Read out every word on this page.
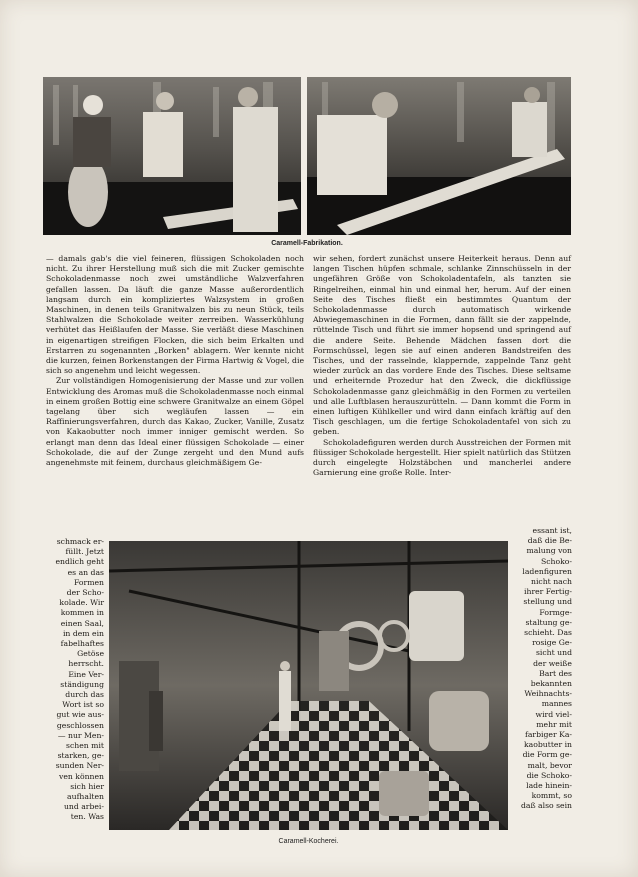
Caramell-Fabrikation.

— damals gab's die viel feineren, flüssigen Schokoladen noch nicht. Zu ihrer Herstellung muß sich die mit Zucker gemischte Schokoladenmasse noch zwei umständliche Walzverfahren gefallen lassen. Da läuft die ganze Masse außerordentlich langsam durch ein kompliziertes Walzsystem in großen Maschinen, in denen teils Granitwalzen bis zu neun Stück, teils Stahlwalzen die Schokolade weiter zerreiben. Wasserkühlung verhütet das Heißlaufen der Masse. Sie verläßt diese Maschinen in eigenartigen streifigen Flocken, die sich beim Erkalten und Erstarren zu sogenannten „Borken" ablagern. Wer kennte nicht die kurzen, feinen Borkenstangen der Firma Hartwig & Vogel, die sich so angenehm und leicht wegessen.

Zur vollständigen Homogenisierung der Masse und zur vollen Entwicklung des Aromas muß die Schokoladenmasse noch einmal in einem großen Bottig eine schwere Granitwalze an einem Göpel tagelang über sich wegläufen lassen — ein Raffinierungsverfahren, durch das Kakao, Zucker, Vanille, Zusatz von Kakaobutter noch immer inniger gemischt werden. So erlangt man denn das Ideal einer flüssigen Schokolade — einer Schokolade, die auf der Zunge zergeht und den Mund aufs angenehmste mit feinem, durchaus gleichmäßigem Ge-

wir sehen, fordert zunächst unsere Heiterkeit heraus. Denn auf langen Tischen hüpfen schmale, schlanke Zinnschüsseln in der ungefähren Größe von Schokoladentafeln, als tanzten sie Ringelreihen, einmal hin und einmal her, herum. Auf der einen Seite des Tisches fließt ein bestimmtes Quantum der Schokoladenmasse durch automatisch wirkende Abwiegemaschinen in die Formen, dann fällt sie der zappelnde, rüttelnde Tisch und führt sie immer hopsend und springend auf die andere Seite. Behende Mädchen fassen dort die Formschüssel, legen sie auf einen anderen Bandstreifen des Tisches, und der rasselnde, klappernde, zappelnde Tanz geht wieder zurück an das vordere Ende des Tisches. Diese seltsame und erheiternde Prozedur hat den Zweck, die dickflüssige Schokoladenmasse ganz gleichmäßig in den Formen zu verteilen und alle Luftblasen herauszurütteln. — Dann kommt die Form in einen luftigen Kühlkeller und wird dann einfach kräftig auf den Tisch geschlagen, um die fertige Schokoladentafel von sich zu geben.

Schokoladefiguren werden durch Ausstreichen der Formen mit flüssiger Schokolade hergestellt. Hier spielt natürlich das Stützen durch eingelegte Holzstäbchen und mancherlei andere Garnierung eine große Rolle. Inter-

schmack er-
füllt. Jetzt
endlich geht
es an das
Formen
der Scho-
kolade. Wir
kommen in
einen Saal,
in dem ein
fabelhaftes
Getöse
herrscht.
Eine Ver-
ständigung
durch das
Wort ist so
gut wie aus-
geschlossen
— nur Men-
schen mit
starken, ge-
sunden Ner-
ven können
sich hier
aufhalten
und arbei-
ten. Was
essant ist,
daß die Be-
malung von
Schoko-
ladenfiguren
nicht nach
ihrer Fertig-
stellung und
Formge-
staltung ge-
schieht. Das
rosige Ge-
sicht und
der weiße
Bart des
bekannten
Weihnachts-
mannes
wird viel-
mehr mit
farbiger Ka-
kaobutter in
die Form ge-
malt, bevor
die Schoko-
lade hinein-
kommt, so
daß also sein
Caramell-Kocherei.
